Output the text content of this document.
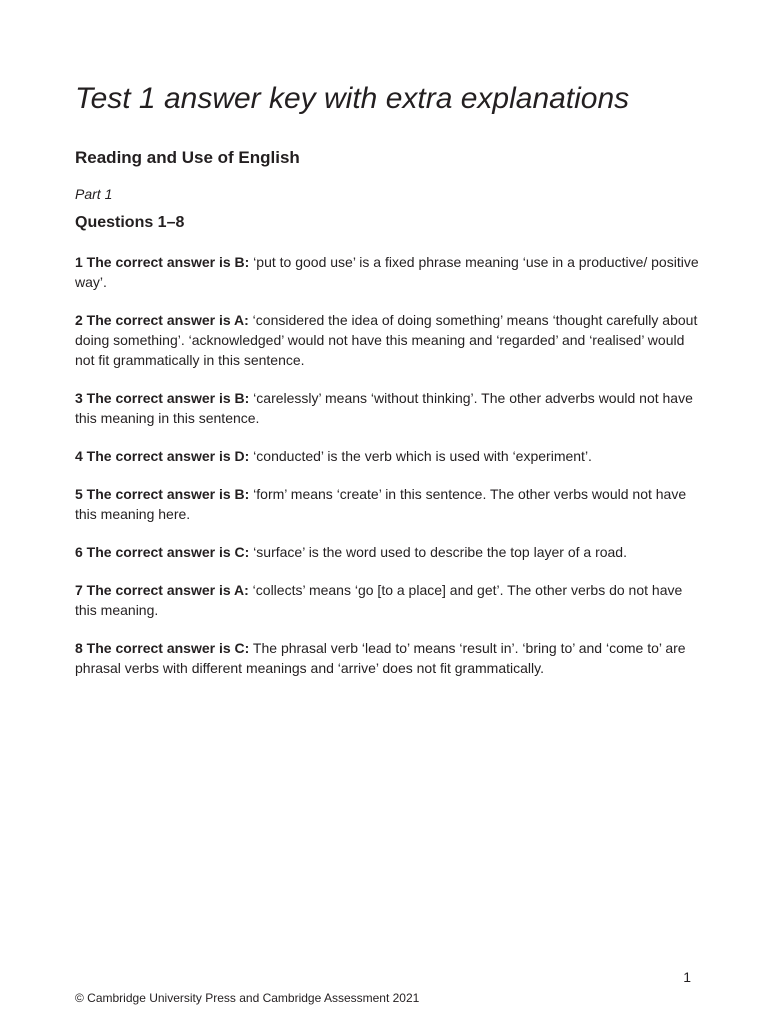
Test 1 answer key with extra explanations
Reading and Use of English

Part 1

Questions 1–8
1 The correct answer is B: ‘put to good use’ is a fixed phrase meaning ‘use in a productive/ positive way’.
2 The correct answer is A: ‘considered the idea of doing something’ means ‘thought carefully about doing something’. ‘acknowledged’ would not have this meaning and ‘regarded’ and ‘realised’ would not fit grammatically in this sentence.
3 The correct answer is B: ‘carelessly’ means ‘without thinking’. The other adverbs would not have this meaning in this sentence.
4 The correct answer is D: ‘conducted’ is the verb which is used with ‘experiment’.
5 The correct answer is B: ‘form’ means ‘create’ in this sentence. The other verbs would not have this meaning here.
6 The correct answer is C: ‘surface’ is the word used to describe the top layer of a road.
7 The correct answer is A: ‘collects’ means ‘go [to a place] and get’. The other verbs do not have this meaning.
8 The correct answer is C: The phrasal verb ‘lead to’ means ‘result in’. ‘bring to’ and ‘come to’ are phrasal verbs with different meanings and ‘arrive’ does not fit grammatically.
1
© Cambridge University Press and Cambridge Assessment 2021
